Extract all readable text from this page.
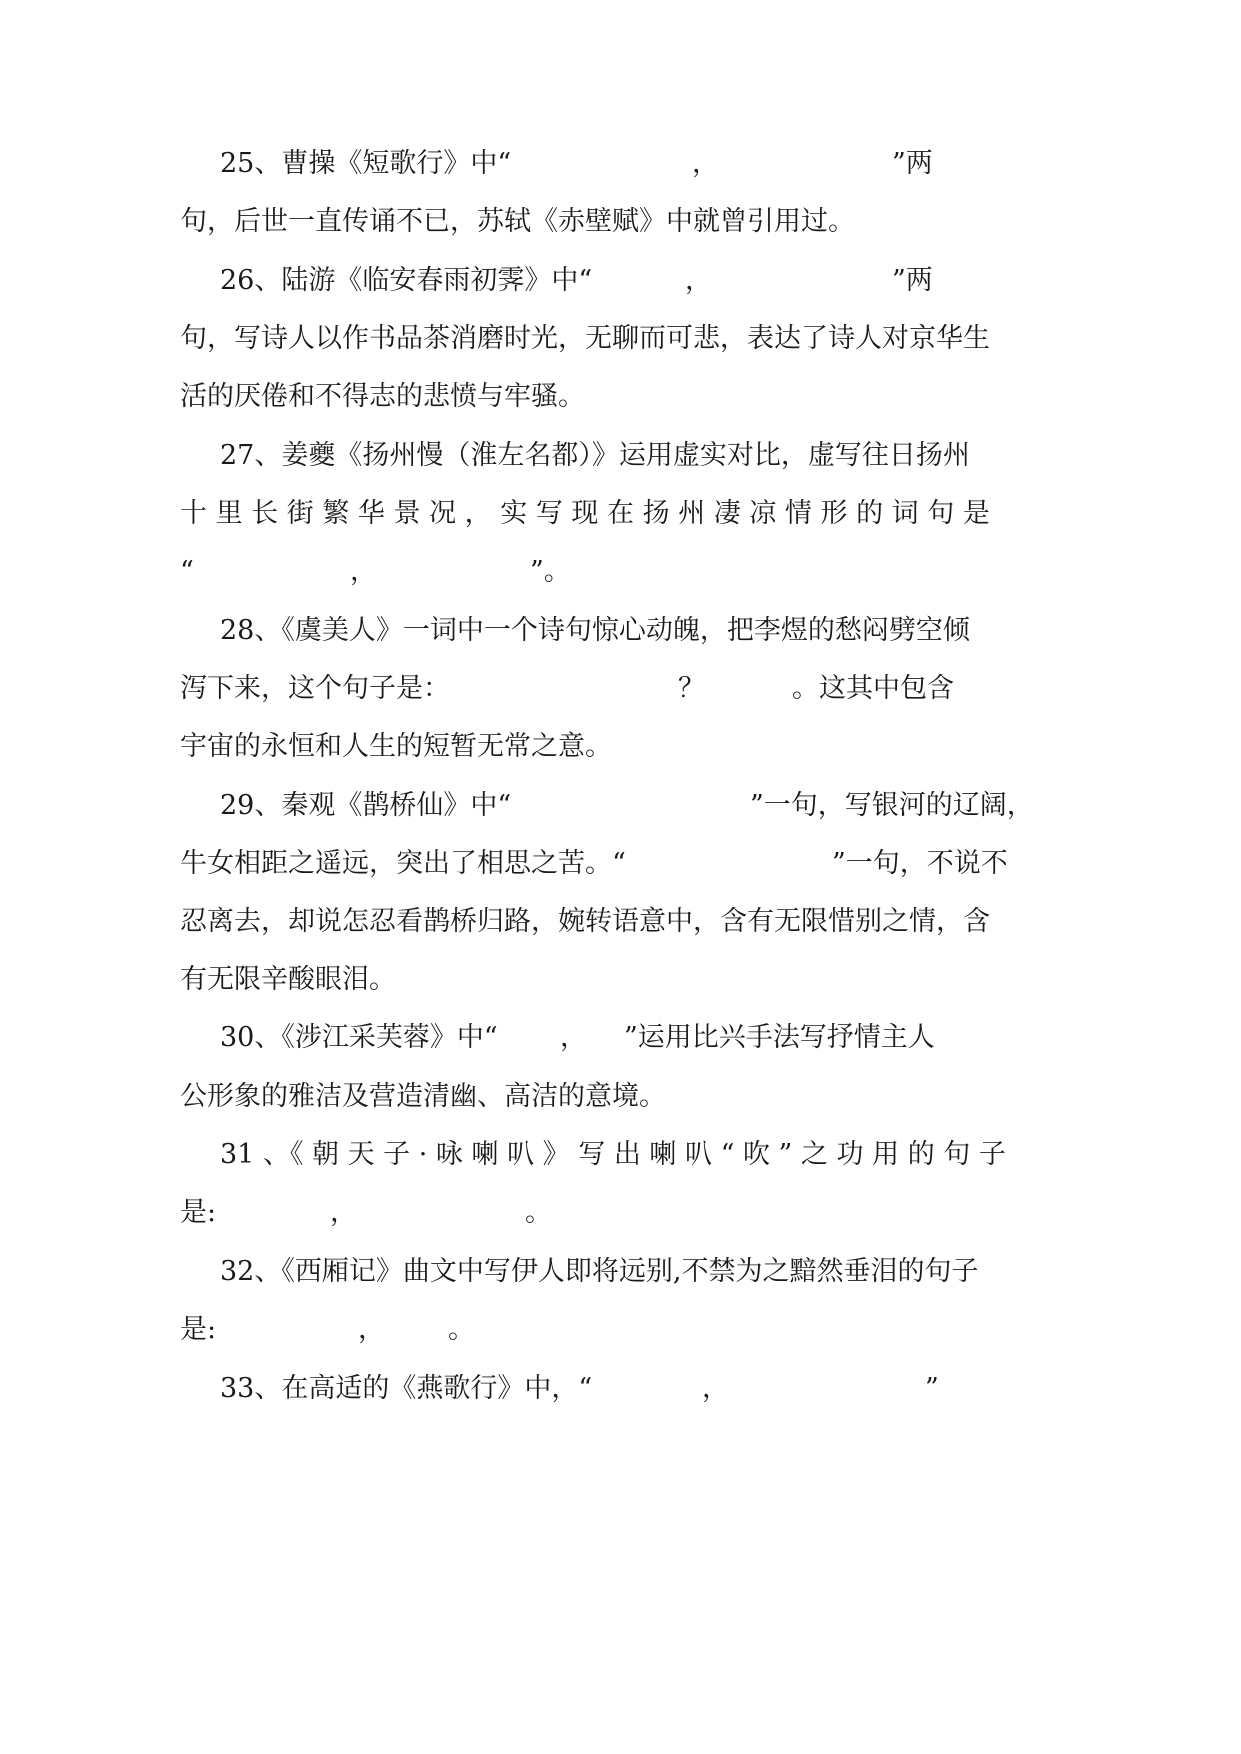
25、曹操《短歌行》中“	，	”两
句，后世一直传诵不已，苏轼《赤壁赋》中就曾引用过。
26、陆游《临安春雨初霁》中“	，	”两
句，写诗人以作书品茶消磨时光，无聊而可悲，表达了诗人对京华生
活的厌倦和不得志的悲愤与牢骚。
27、姜夔《扬州慢（淮左名都）》运用虚实对比，虚写往日扬州
十 里 长 街 繁 华 景 况 ， 实 写 现 在 扬 州 凄 凉 情 形 的 词 句 是
“	，	”。
28、《虞美人》一词中一个诗句惊心动魄，把李煜的愁闷劈空倾
泻下来，这个句子是：	？	。这其中包含
宇宙的永恒和人生的短暂无常之意。
29、秦观《鹊桥仙》中“	”一句，写银河的辽阔，
牛女相距之遥远，突出了相思之苦。“	”一句，不说不
忍离去，却说怎忍看鹊桥归路，婉转语意中，含有无限惜别之情，含
有无限辛酸眼泪。
30、《涉江采芙蓉》中“ ， ”运用比兴手法写抒情主人
公形象的雅洁及营造清幽、高洁的意境。
31 、《 朝 天 子 · 咏 喇 叭 》 写 出 喇 叭 “ 吹 ” 之 功 用 的 句 子
是:	，	。
32、《西厢记》曲文中写伊人即将远别,不禁为之黯然垂泪的句子
是:	， 。
33、在高适的《燕歌行》中，“	，	”
